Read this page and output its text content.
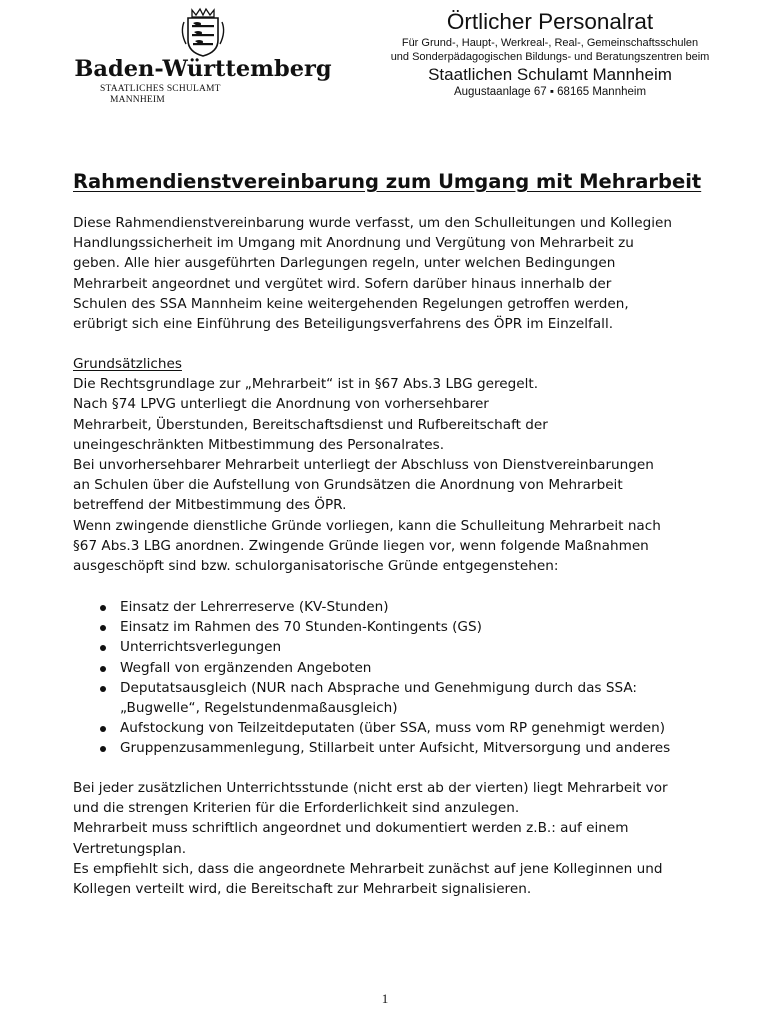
Baden-Württemberg
STAATLICHES SCHULAMT
MANNHEIM
Örtlicher Personalrat
Für Grund-, Haupt-, Werkreal-, Real-, Gemeinschaftsschulen
und Sonderpädagogischen Bildungs- und Beratungszentren beim
Staatlichen Schulamt Mannheim
Augustaanlage 67 ▪ 68165 Mannheim
Rahmendienstvereinbarung zum Umgang mit Mehrarbeit
Diese Rahmendienstvereinbarung wurde verfasst, um den Schulleitungen und Kollegien
Handlungssicherheit im Umgang mit Anordnung und Vergütung von Mehrarbeit zu
geben. Alle hier ausgeführten Darlegungen regeln, unter welchen Bedingungen
Mehrarbeit angeordnet und vergütet wird. Sofern darüber hinaus innerhalb der
Schulen des SSA Mannheim keine weitergehenden Regelungen getroffen werden,
erübrigt sich eine Einführung des Beteiligungsverfahrens des ÖPR im Einzelfall.
Grundsätzliches
Die Rechtsgrundlage zur „Mehrarbeit“ ist in §67 Abs.3 LBG geregelt.
Nach §74 LPVG unterliegt die Anordnung von vorhersehbarer
Mehrarbeit, Überstunden, Bereitschaftsdienst und Rufbereitschaft der
uneingeschränkten Mitbestimmung des Personalrates.
Bei unvorhersehbarer Mehrarbeit unterliegt der Abschluss von Dienstvereinbarungen
an Schulen über die Aufstellung von Grundsätzen die Anordnung von Mehrarbeit
betreffend der Mitbestimmung des ÖPR.
Wenn zwingende dienstliche Gründe vorliegen, kann die Schulleitung Mehrarbeit nach
§67 Abs.3 LBG anordnen. Zwingende Gründe liegen vor, wenn folgende Maßnahmen
ausgeschöpft sind bzw. schulorganisatorische Gründe entgegenstehen:
Einsatz der Lehrerreserve (KV-Stunden)
Einsatz im Rahmen des 70 Stunden-Kontingents (GS)
Unterrichtsverlegungen
Wegfall von ergänzenden Angeboten
Deputatsausgleich (NUR nach Absprache und Genehmigung durch das SSA:
„Bugwelle“, Regelstundenmaßausgleich)
Aufstockung von Teilzeitdeputaten (über SSA, muss vom RP genehmigt werden)
Gruppenzusammenlegung, Stillarbeit unter Aufsicht, Mitversorgung und anderes
Bei jeder zusätzlichen Unterrichtsstunde (nicht erst ab der vierten) liegt Mehrarbeit vor
und die strengen Kriterien für die Erforderlichkeit sind anzulegen.
Mehrarbeit muss schriftlich angeordnet und dokumentiert werden z.B.: auf einem
Vertretungsplan.
Es empfiehlt sich, dass die angeordnete Mehrarbeit zunächst auf jene Kolleginnen und
Kollegen verteilt wird, die Bereitschaft zur Mehrarbeit signalisieren.
1
